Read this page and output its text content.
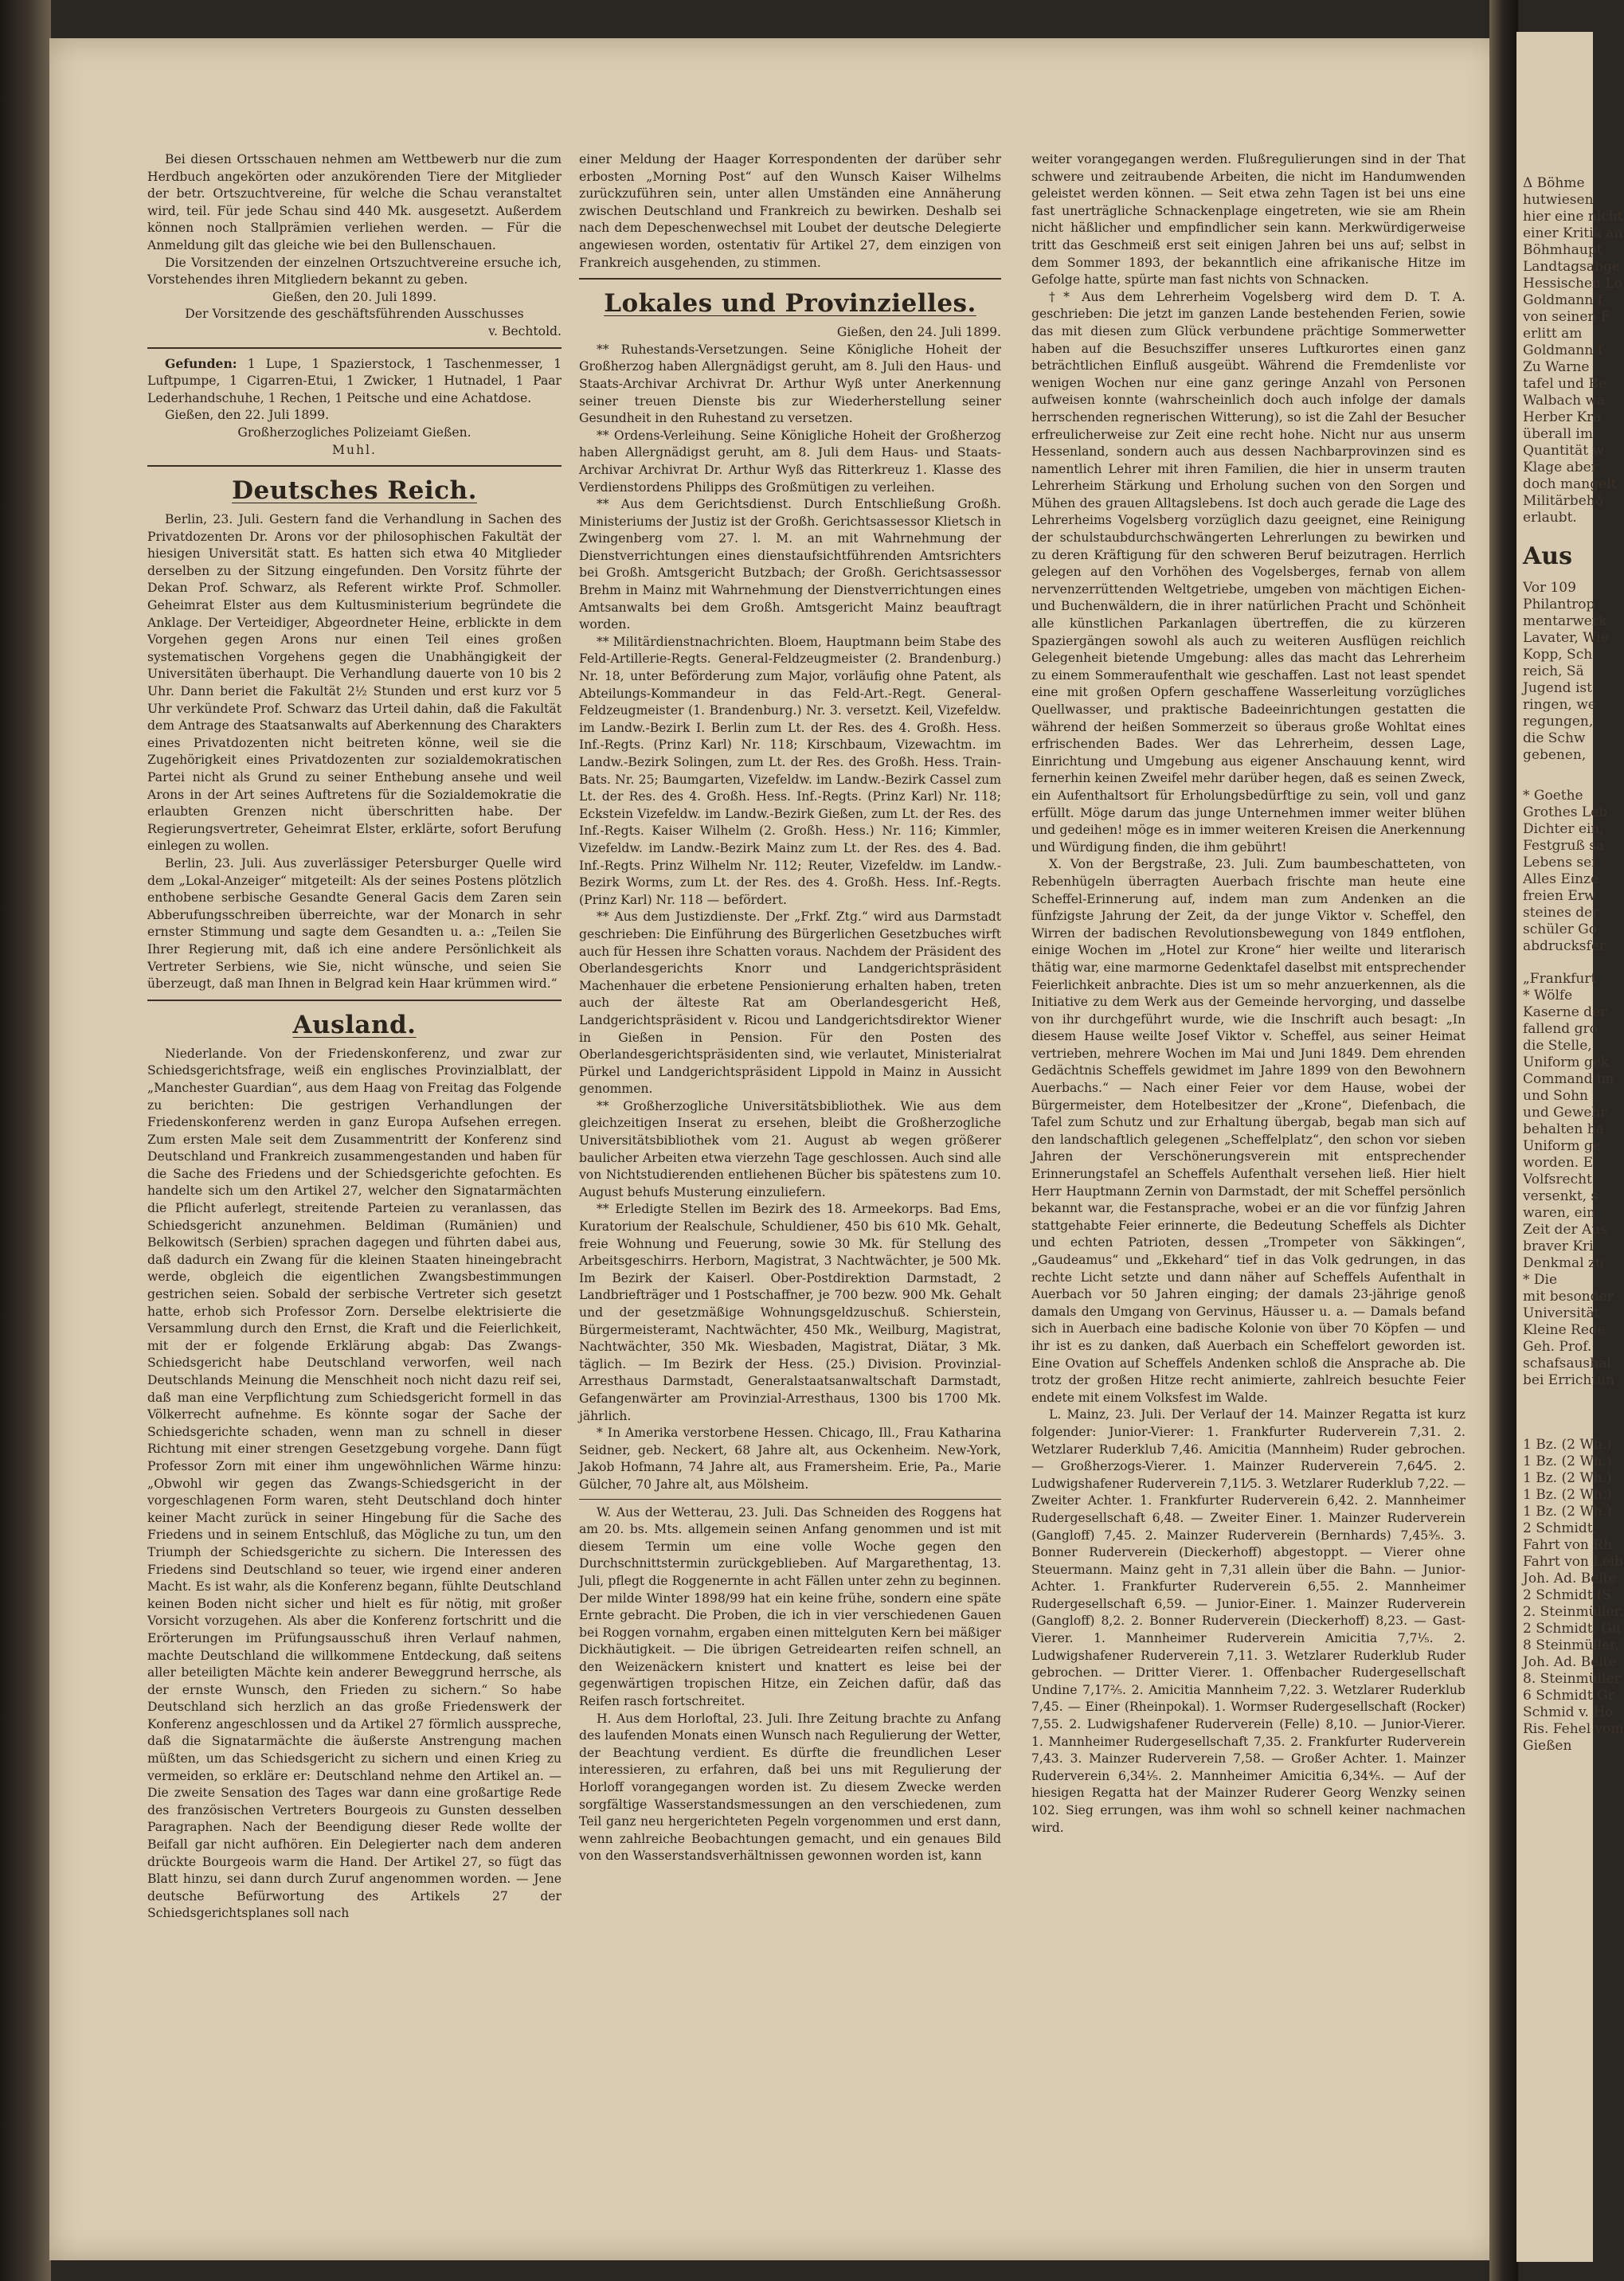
Bei diesen Ortsschauen nehmen am Wettbewerb nur die zum Herdbuch angekörten oder anzukörenden Tiere der Mitglieder der betr. Ortszuchtvereine, für welche die Schau veranstaltet wird, teil. Für jede Schau sind 440 Mk. ausgesetzt. Außerdem können noch Stallprämien verliehen werden. — Für die Anmeldung gilt das gleiche wie bei den Bullenschauen.

Die Vorsitzenden der einzelnen Ortszuchtvereine ersuche ich, Vorstehendes ihren Mitgliedern bekannt zu geben.

Gießen, den 20. Juli 1899.

Der Vorsitzende des geschäftsführenden Ausschusses

v. Bechtold.

Gefunden: 1 Lupe, 1 Spazierstock, 1 Taschenmesser, 1 Luftpumpe, 1 Cigarren-Etui, 1 Zwicker, 1 Hutnadel, 1 Paar Lederhandschuhe, 1 Rechen, 1 Peitsche und eine Achatdose.

Gießen, den 22. Juli 1899.

Großherzogliches Polizeiamt Gießen.

Muhl.

Deutsches Reich.

Berlin, 23. Juli. Gestern fand die Verhandlung in Sachen des Privatdozenten Dr. Arons vor der philosophischen Fakultät der hiesigen Universität statt. Es hatten sich etwa 40 Mitglieder derselben zu der Sitzung eingefunden. Den Vorsitz führte der Dekan Prof. Schwarz, als Referent wirkte Prof. Schmoller. Geheimrat Elster aus dem Kultusministerium begründete die Anklage. Der Verteidiger, Abgeordneter Heine, erblickte in dem Vorgehen gegen Arons nur einen Teil eines großen systematischen Vorgehens gegen die Unabhängigkeit der Universitäten überhaupt. Die Verhandlung dauerte von 10 bis 2 Uhr. Dann beriet die Fakultät 2½ Stunden und erst kurz vor 5 Uhr verkündete Prof. Schwarz das Urteil dahin, daß die Fakultät dem Antrage des Staatsanwalts auf Aberkennung des Charakters eines Privatdozenten nicht beitreten könne, weil sie die Zugehörigkeit eines Privatdozenten zur sozialdemokratischen Partei nicht als Grund zu seiner Enthebung ansehe und weil Arons in der Art seines Auftretens für die Sozialdemokratie die erlaubten Grenzen nicht überschritten habe. Der Regierungsvertreter, Geheimrat Elster, erklärte, sofort Berufung einlegen zu wollen.

Berlin, 23. Juli. Aus zuverlässiger Petersburger Quelle wird dem „Lokal-Anzeiger“ mitgeteilt: Als der seines Postens plötzlich enthobene serbische Gesandte General Gacis dem Zaren sein Abberufungsschreiben überreichte, war der Monarch in sehr ernster Stimmung und sagte dem Gesandten u. a.: „Teilen Sie Ihrer Regierung mit, daß ich eine andere Persönlichkeit als Vertreter Serbiens, wie Sie, nicht wünsche, und seien Sie überzeugt, daß man Ihnen in Belgrad kein Haar krümmen wird.“

Ausland.

Niederlande. Von der Friedenskonferenz, und zwar zur Schiedsgerichtsfrage, weiß ein englisches Provinzialblatt, der „Manchester Guardian“, aus dem Haag von Freitag das Folgende zu berichten: Die gestrigen Verhandlungen der Friedenskonferenz werden in ganz Europa Aufsehen erregen. Zum ersten Male seit dem Zusammentritt der Konferenz sind Deutschland und Frankreich zusammengestanden und haben für die Sache des Friedens und der Schiedsgerichte gefochten. Es handelte sich um den Artikel 27, welcher den Signatarmächten die Pflicht auferlegt, streitende Parteien zu veranlassen, das Schiedsgericht anzunehmen. Beldiman (Rumänien) und Belkowitsch (Serbien) sprachen dagegen und führten dabei aus, daß dadurch ein Zwang für die kleinen Staaten hineingebracht werde, obgleich die eigentlichen Zwangsbestimmungen gestrichen seien. Sobald der serbische Vertreter sich gesetzt hatte, erhob sich Professor Zorn. Derselbe elektrisierte die Versammlung durch den Ernst, die Kraft und die Feierlichkeit, mit der er folgende Erklärung abgab: Das Zwangs-Schiedsgericht habe Deutschland verworfen, weil nach Deutschlands Meinung die Menschheit noch nicht dazu reif sei, daß man eine Verpflichtung zum Schiedsgericht formell in das Völkerrecht aufnehme. Es könnte sogar der Sache der Schiedsgerichte schaden, wenn man zu schnell in dieser Richtung mit einer strengen Gesetzgebung vorgehe. Dann fügt Professor Zorn mit einer ihm ungewöhnlichen Wärme hinzu: „Obwohl wir gegen das Zwangs-Schiedsgericht in der vorgeschlagenen Form waren, steht Deutschland doch hinter keiner Macht zurück in seiner Hingebung für die Sache des Friedens und in seinem Entschluß, das Mögliche zu tun, um den Triumph der Schiedsgerichte zu sichern. Die Interessen des Friedens sind Deutschland so teuer, wie irgend einer anderen Macht. Es ist wahr, als die Konferenz begann, fühlte Deutschland keinen Boden nicht sicher und hielt es für nötig, mit großer Vorsicht vorzugehen. Als aber die Konferenz fortschritt und die Erörterungen im Prüfungsausschuß ihren Verlauf nahmen, machte Deutschland die willkommene Entdeckung, daß seitens aller beteiligten Mächte kein anderer Beweggrund herrsche, als der ernste Wunsch, den Frieden zu sichern.“ So habe Deutschland sich herzlich an das große Friedenswerk der Konferenz angeschlossen und da Artikel 27 förmlich ausspreche, daß die Signatarmächte die äußerste Anstrengung machen müßten, um das Schiedsgericht zu sichern und einen Krieg zu vermeiden, so erkläre er: Deutschland nehme den Artikel an. — Die zweite Sensation des Tages war dann eine großartige Rede des französischen Vertreters Bourgeois zu Gunsten desselben Paragraphen. Nach der Beendigung dieser Rede wollte der Beifall gar nicht aufhören. Ein Delegierter nach dem anderen drückte Bourgeois warm die Hand. Der Artikel 27, so fügt das Blatt hinzu, sei dann durch Zuruf angenommen worden. — Jene deutsche Befürwortung des Artikels 27 der Schiedsgerichtsplanes soll nach

einer Meldung der Haager Korrespondenten der darüber sehr erbosten „Morning Post“ auf den Wunsch Kaiser Wilhelms zurückzuführen sein, unter allen Umständen eine Annäherung zwischen Deutschland und Frankreich zu bewirken. Deshalb sei nach dem Depeschenwechsel mit Loubet der deutsche Delegierte angewiesen worden, ostentativ für Artikel 27, dem einzigen von Frankreich ausgehenden, zu stimmen.

Lokales und Provinzielles.

Gießen, den 24. Juli 1899.

** Ruhestands-Versetzungen. Seine Königliche Hoheit der Großherzog haben Allergnädigst geruht, am 8. Juli den Haus- und Staats-Archivar Archivrat Dr. Arthur Wyß unter Anerkennung seiner treuen Dienste bis zur Wiederherstellung seiner Gesundheit in den Ruhestand zu versetzen.

** Ordens-Verleihung. Seine Königliche Hoheit der Großherzog haben Allergnädigst geruht, am 8. Juli dem Haus- und Staats-Archivar Archivrat Dr. Arthur Wyß das Ritterkreuz 1. Klasse des Verdienstordens Philipps des Großmütigen zu verleihen.

** Aus dem Gerichtsdienst. Durch Entschließung Großh. Ministeriums der Justiz ist der Großh. Gerichtsassessor Klietsch in Zwingenberg vom 27. l. M. an mit Wahrnehmung der Dienstverrichtungen eines dienstaufsichtführenden Amtsrichters bei Großh. Amtsgericht Butzbach; der Großh. Gerichtsassessor Brehm in Mainz mit Wahrnehmung der Dienstverrichtungen eines Amtsanwalts bei dem Großh. Amtsgericht Mainz beauftragt worden.

** Militärdienstnachrichten. Bloem, Hauptmann beim Stabe des Feld-Artillerie-Regts. General-Feldzeugmeister (2. Brandenburg.) Nr. 18, unter Beförderung zum Major, vorläufig ohne Patent, als Abteilungs-Kommandeur in das Feld-Art.-Regt. General-Feldzeugmeister (1. Brandenburg.) Nr. 3. versetzt. Keil, Vizefeldw. im Landw.-Bezirk I. Berlin zum Lt. der Res. des 4. Großh. Hess. Inf.-Regts. (Prinz Karl) Nr. 118; Kirschbaum, Vizewachtm. im Landw.-Bezirk Solingen, zum Lt. der Res. des Großh. Hess. Train-Bats. Nr. 25; Baumgarten, Vizefeldw. im Landw.-Bezirk Cassel zum Lt. der Res. des 4. Großh. Hess. Inf.-Regts. (Prinz Karl) Nr. 118; Eckstein Vizefeldw. im Landw.-Bezirk Gießen, zum Lt. der Res. des Inf.-Regts. Kaiser Wilhelm (2. Großh. Hess.) Nr. 116; Kimmler, Vizefeldw. im Landw.-Bezirk Mainz zum Lt. der Res. des 4. Bad. Inf.-Regts. Prinz Wilhelm Nr. 112; Reuter, Vizefeldw. im Landw.-Bezirk Worms, zum Lt. der Res. des 4. Großh. Hess. Inf.-Regts. (Prinz Karl) Nr. 118 — befördert.

** Aus dem Justizdienste. Der „Frkf. Ztg.“ wird aus Darmstadt geschrieben: Die Einführung des Bürgerlichen Gesetzbuches wirft auch für Hessen ihre Schatten voraus. Nachdem der Präsident des Oberlandesgerichts Knorr und Landgerichtspräsident Machenhauer die erbetene Pensionierung erhalten haben, treten auch der älteste Rat am Oberlandesgericht Heß, Landgerichtspräsident v. Ricou und Landgerichtsdirektor Wiener in Gießen in Pension. Für den Posten des Oberlandesgerichtspräsidenten sind, wie verlautet, Ministerialrat Pürkel und Landgerichtspräsident Lippold in Mainz in Aussicht genommen.

** Großherzogliche Universitätsbibliothek. Wie aus dem gleichzeitigen Inserat zu ersehen, bleibt die Großherzogliche Universitätsbibliothek vom 21. August ab wegen größerer baulicher Arbeiten etwa vierzehn Tage geschlossen. Auch sind alle von Nichtstudierenden entliehenen Bücher bis spätestens zum 10. August behufs Musterung einzuliefern.

** Erledigte Stellen im Bezirk des 18. Armeekorps. Bad Ems, Kuratorium der Realschule, Schuldiener, 450 bis 610 Mk. Gehalt, freie Wohnung und Feuerung, sowie 30 Mk. für Stellung des Arbeitsgeschirrs. Herborn, Magistrat, 3 Nachtwächter, je 500 Mk. Im Bezirk der Kaiserl. Ober-Postdirektion Darmstadt, 2 Landbriefträger und 1 Postschaffner, je 700 bezw. 900 Mk. Gehalt und der gesetzmäßige Wohnungsgeldzuschuß. Schierstein, Bürgermeisteramt, Nachtwächter, 450 Mk., Weilburg, Magistrat, Nachtwächter, 350 Mk. Wiesbaden, Magistrat, Diätar, 3 Mk. täglich. — Im Bezirk der Hess. (25.) Division. Provinzial-Arresthaus Darmstadt, Generalstaatsanwaltschaft Darmstadt, Gefangenwärter am Provinzial-Arresthaus, 1300 bis 1700 Mk. jährlich.

* In Amerika verstorbene Hessen. Chicago, Ill., Frau Katharina Seidner, geb. Neckert, 68 Jahre alt, aus Ockenheim. New-York, Jakob Hofmann, 74 Jahre alt, aus Framersheim. Erie, Pa., Marie Gülcher, 70 Jahre alt, aus Mölsheim.

W. Aus der Wetterau, 23. Juli. Das Schneiden des Roggens hat am 20. bs. Mts. allgemein seinen Anfang genommen und ist mit diesem Termin um eine volle Woche gegen den Durchschnittstermin zurückgeblieben. Auf Margarethentag, 13. Juli, pflegt die Roggenernte in acht Fällen unter zehn zu beginnen. Der milde Winter 1898/99 hat ein keine frühe, sondern eine späte Ernte gebracht. Die Proben, die ich in vier verschiedenen Gauen bei Roggen vornahm, ergaben einen mittelguten Kern bei mäßiger Dickhäutigkeit. — Die übrigen Getreidearten reifen schnell, an den Weizenäckern knistert und knattert es leise bei der gegenwärtigen tropischen Hitze, ein Zeichen dafür, daß das Reifen rasch fortschreitet.

H. Aus dem Horloftal, 23. Juli. Ihre Zeitung brachte zu Anfang des laufenden Monats einen Wunsch nach Regulierung der Wetter, der Beachtung verdient. Es dürfte die freundlichen Leser interessieren, zu erfahren, daß bei uns mit Regulierung der Horloff vorangegangen worden ist. Zu diesem Zwecke werden sorgfältige Wasserstandsmessungen an den verschiedenen, zum Teil ganz neu hergerichteten Pegeln vorgenommen und erst dann, wenn zahlreiche Beobachtungen gemacht, und ein genaues Bild von den Wasserstandsverhältnissen gewonnen worden ist, kann

weiter vorangegangen werden. Flußregulierungen sind in der That schwere und zeitraubende Arbeiten, die nicht im Handumwenden geleistet werden können. — Seit etwa zehn Tagen ist bei uns eine fast unerträgliche Schnackenplage eingetreten, wie sie am Rhein nicht häßlicher und empfindlicher sein kann. Merkwürdigerweise tritt das Geschmeiß erst seit einigen Jahren bei uns auf; selbst in dem Sommer 1893, der bekanntlich eine afrikanische Hitze im Gefolge hatte, spürte man fast nichts von Schnacken.

†* Aus dem Lehrerheim Vogelsberg wird dem D. T. A. geschrieben: Die jetzt im ganzen Lande bestehenden Ferien, sowie das mit diesen zum Glück verbundene prächtige Sommerwetter haben auf die Besuchsziffer unseres Luftkurortes einen ganz beträchtlichen Einfluß ausgeübt. Während die Fremdenliste vor wenigen Wochen nur eine ganz geringe Anzahl von Personen aufweisen konnte (wahrscheinlich doch auch infolge der damals herrschenden regnerischen Witterung), so ist die Zahl der Besucher erfreulicherweise zur Zeit eine recht hohe. Nicht nur aus unserm Hessenland, sondern auch aus dessen Nachbarprovinzen sind es namentlich Lehrer mit ihren Familien, die hier in unserm trauten Lehrerheim Stärkung und Erholung suchen von den Sorgen und Mühen des grauen Alltagslebens. Ist doch auch gerade die Lage des Lehrerheims Vogelsberg vorzüglich dazu geeignet, eine Reinigung der schulstaubdurchschwängerten Lehrerlungen zu bewirken und zu deren Kräftigung für den schweren Beruf beizutragen. Herrlich gelegen auf den Vorhöhen des Vogelsberges, fernab von allem nervenzerrüttenden Weltgetriebe, umgeben von mächtigen Eichen- und Buchenwäldern, die in ihrer natürlichen Pracht und Schönheit alle künstlichen Parkanlagen übertreffen, die zu kürzeren Spaziergängen sowohl als auch zu weiteren Ausflügen reichlich Gelegenheit bietende Umgebung: alles das macht das Lehrerheim zu einem Sommeraufenthalt wie geschaffen. Last not least spendet eine mit großen Opfern geschaffene Wasserleitung vorzügliches Quellwasser, und praktische Badeeinrichtungen gestatten die während der heißen Sommerzeit so überaus große Wohltat eines erfrischenden Bades. Wer das Lehrerheim, dessen Lage, Einrichtung und Umgebung aus eigener Anschauung kennt, wird fernerhin keinen Zweifel mehr darüber hegen, daß es seinen Zweck, ein Aufenthaltsort für Erholungsbedürftige zu sein, voll und ganz erfüllt. Möge darum das junge Unternehmen immer weiter blühen und gedeihen! möge es in immer weiteren Kreisen die Anerkennung und Würdigung finden, die ihm gebührt!

X. Von der Bergstraße, 23. Juli. Zum baumbeschatteten, von Rebenhügeln überragten Auerbach frischte man heute eine Scheffel-Erinnerung auf, indem man zum Andenken an die fünfzigste Jahrung der Zeit, da der junge Viktor v. Scheffel, den Wirren der badischen Revolutionsbewegung von 1849 entflohen, einige Wochen im „Hotel zur Krone“ hier weilte und literarisch thätig war, eine marmorne Gedenktafel daselbst mit entsprechender Feierlichkeit anbrachte. Dies ist um so mehr anzuerkennen, als die Initiative zu dem Werk aus der Gemeinde hervorging, und dasselbe von ihr durchgeführt wurde, wie die Inschrift auch besagt: „In diesem Hause weilte Josef Viktor v. Scheffel, aus seiner Heimat vertrieben, mehrere Wochen im Mai und Juni 1849. Dem ehrenden Gedächtnis Scheffels gewidmet im Jahre 1899 von den Bewohnern Auerbachs.“ — Nach einer Feier vor dem Hause, wobei der Bürgermeister, dem Hotelbesitzer der „Krone“, Diefenbach, die Tafel zum Schutz und zur Erhaltung übergab, begab man sich auf den landschaftlich gelegenen „Scheffelplatz“, den schon vor sieben Jahren der Verschönerungsverein mit entsprechender Erinnerungstafel an Scheffels Aufenthalt versehen ließ. Hier hielt Herr Hauptmann Zernin von Darmstadt, der mit Scheffel persönlich bekannt war, die Festansprache, wobei er an die vor fünfzig Jahren stattgehabte Feier erinnerte, die Bedeutung Scheffels als Dichter und echten Patrioten, dessen „Trompeter von Säkkingen“, „Gaudeamus“ und „Ekkehard“ tief in das Volk gedrungen, in das rechte Licht setzte und dann näher auf Scheffels Aufenthalt in Auerbach vor 50 Jahren einging; der damals 23-jährige genoß damals den Umgang von Gervinus, Häusser u. a. — Damals befand sich in Auerbach eine badische Kolonie von über 70 Köpfen — und ihr ist es zu danken, daß Auerbach ein Scheffelort geworden ist. Eine Ovation auf Scheffels Andenken schloß die Ansprache ab. Die trotz der großen Hitze recht animierte, zahlreich besuchte Feier endete mit einem Volksfest im Walde.

L. Mainz, 23. Juli. Der Verlauf der 14. Mainzer Regatta ist kurz folgender: Junior-Vierer: 1. Frankfurter Ruderverein 7,31. 2. Wetzlarer Ruderklub 7,46. Amicitia (Mannheim) Ruder gebrochen. — Großherzogs-Vierer. 1. Mainzer Ruderverein 7,64⁄5. 2. Ludwigshafener Ruderverein 7,11⁄5. 3. Wetzlarer Ruderklub 7,22. — Zweiter Achter. 1. Frankfurter Ruderverein 6,42. 2. Mannheimer Rudergesellschaft 6,48. — Zweiter Einer. 1. Mainzer Ruderverein (Gangloff) 7,45. 2. Mainzer Ruderverein (Bernhards) 7,45³⁄₅. 3. Bonner Ruderverein (Dieckerhoff) abgestoppt. — Vierer ohne Steuermann. Mainz geht in 7,31 allein über die Bahn. — Junior-Achter. 1. Frankfurter Ruderverein 6,55. 2. Mannheimer Rudergesellschaft 6,59. — Junior-Einer. 1. Mainzer Ruderverein (Gangloff) 8,2. 2. Bonner Ruderverein (Dieckerhoff) 8,23. — Gast-Vierer. 1. Mannheimer Ruderverein Amicitia 7,7¹⁄₅. 2. Ludwigshafener Ruderverein 7,11. 3. Wetzlarer Ruderklub Ruder gebrochen. — Dritter Vierer. 1. Offenbacher Rudergesellschaft Undine 7,17²⁄₅. 2. Amicitia Mannheim 7,22. 3. Wetzlarer Ruderklub 7,45. — Einer (Rheinpokal). 1. Wormser Rudergesellschaft (Rocker) 7,55. 2. Ludwigshafener Ruderverein (Felle) 8,10. — Junior-Vierer. 1. Mannheimer Rudergesellschaft 7,35. 2. Frankfurter Ruderverein 7,43. 3. Mainzer Ruderverein 7,58. — Großer Achter. 1. Mainzer Ruderverein 6,34¹⁄₅. 2. Mannheimer Amicitia 6,34⁴⁄₅. — Auf der hiesigen Regatta hat der Mainzer Ruderer Georg Wenzky seinen 102. Sieg errungen, was ihm wohl so schnell keiner nachmachen wird.

Δ Böhme
hutwiesen
hier eine nicht
einer Kritik an
Böhmhaupt
Landtagsabge
Hessischen Lo
Goldmann f
von seinen F
erlitt am
Goldmann f
Zu Warne
tafel und Be
Walbach wa
Herber Kra
überall im
Quantität w
Klage aber
doch mangelt
Militärbehö
erlaubt.
Aus
Vor 109
Philantrop
mentarwerk
Lavater, Wie
Kopp, Sch
reich, Sä
Jugend ist
ringen, we
regungen,
die Schw
gebenen,
* Goethe
Grothes Leb
Dichter ein,
Festgruß sa
Lebens sei
Alles Einze
freien Erw
steines der
schüler Go
abdrucksfer
„Frankfurt
* Wölfe
Kaserne der
fallend gro
die Stelle,
Uniform gek
Command im
und Sohn
und Gewehr
behalten ha
Uniform ge
worden. E
Volfsrecht
versenkt, s
waren, ein
Zeit der Aus
braver Kri
Denkmal zu
* Die
mit besonder
Universität
Kleine Rede
Geh. Prof.
schafsaushal
bei Errichtun
1 Bz. (2 Wh.)
1 Bz. (2 Wh.)
1 Bz. (2 Wh.)
1 Bz. (2 Wh.)
1 Bz. (2 Wh.)
2 Schmidt,
Fahrt von Rh.
Fahrt von Leib
Joh. Ad. Belte
2 Schmidt (S
2. Steinmüller,
2 Schmidt, Gu
8 Steinmüller,
Joh. Ad. Belte
8. Steinmüller
6 Schmidt Gr
Schmid v. Ho
Ris. Fehel vom
Gießen
